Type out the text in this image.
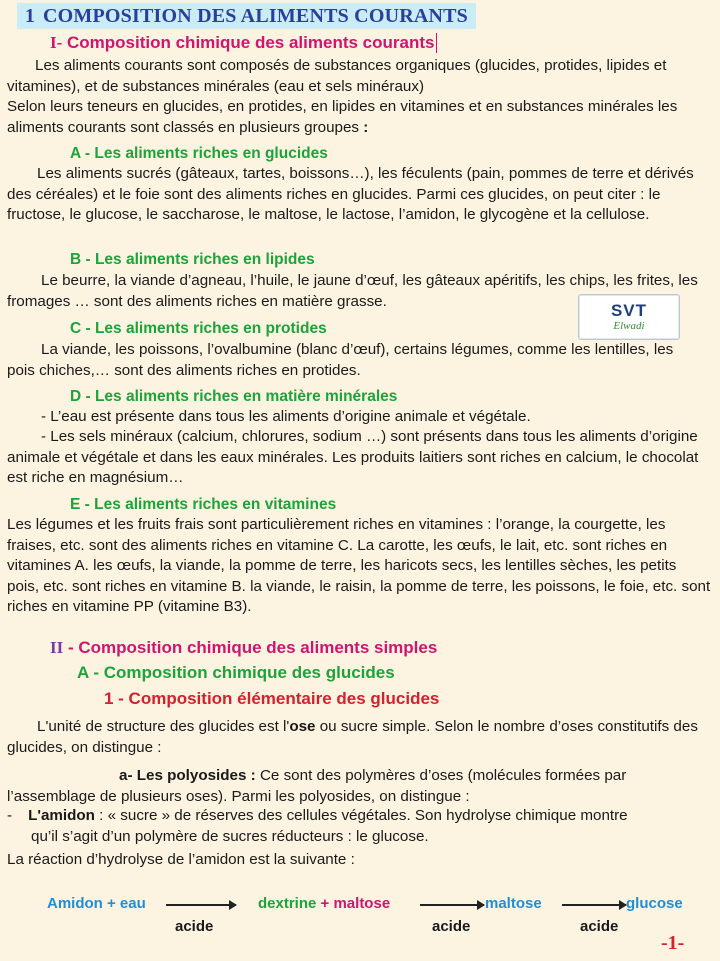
1 COMPOSITION DES ALIMENTS COURANTS
I- Composition chimique des aliments courants

Les aliments courants sont composés de substances organiques (glucides, protides, lipides et vitamines), et de substances minérales (eau et sels minéraux)

Selon leurs teneurs en glucides, en protides, en lipides en vitamines et en substances minérales les aliments courants sont classés en plusieurs groupes :

A - Les aliments riches en glucides

Les aliments sucrés (gâteaux, tartes, boissons…), les féculents (pain, pommes de terre et dérivés des céréales) et le foie sont des aliments riches en glucides. Parmi ces glucides, on peut citer : le fructose, le glucose, le saccharose, le maltose, le lactose, l’amidon, le glycogène et la cellulose.

B - Les aliments riches en lipides

Le beurre, la viande d’agneau, l’huile, le jaune d’œuf, les gâteaux apéritifs, les chips, les frites, les fromages … sont des aliments riches en matière grasse.	SVT
Elwadi
C - Les aliments riches en protides

La viande, les poissons, l’ovalbumine (blanc d’œuf), certains légumes, comme les lentilles, les pois chiches,… sont des aliments riches en protides.

D - Les aliments riches en matière minérales

- L’eau est présente dans tous les aliments d’origine animale et végétale.

- Les sels minéraux (calcium, chlorures, sodium …) sont présents dans tous les aliments d’origine animale et végétale et dans les eaux minérales. Les produits laitiers sont riches en calcium, le chocolat est riche en magnésium…

E - Les aliments riches en vitamines

Les légumes et les fruits frais sont particulièrement riches en vitamines : l’orange, la courgette, les fraises, etc. sont des aliments riches en vitamine C. La carotte, les œufs, le lait, etc. sont riches en vitamines A. les œufs, la viande, la pomme de terre, les haricots secs, les lentilles sèches, les petits pois, etc. sont riches en vitamine B. la viande, le raisin, la pomme de terre, les poissons, le foie, etc. sont riches en vitamine PP (vitamine B3).

II - Composition chimique des aliments simples
A - Composition chimique des glucides
1 - Composition élémentaire des glucides

L'unité de structure des glucides est l'ose ou sucre simple. Selon le nombre d’oses constitutifs des glucides, on distingue :

a- Les polyosides : Ce sont des polymères d’oses (molécules formées par l’assemblage de plusieurs oses). Parmi les polyosides, on distingue :

- L'amidon : « sucre » de réserves des cellules végétales. Son hydrolyse chimique montre

qu’il s’agit d’un polymère de sucres réducteurs : le glucose.

La réaction d’hydrolyse de l’amidon est la suivante :

Amidon + eau
acide
dextrine + maltose
acide
maltose →
acide
glucose
-1-
